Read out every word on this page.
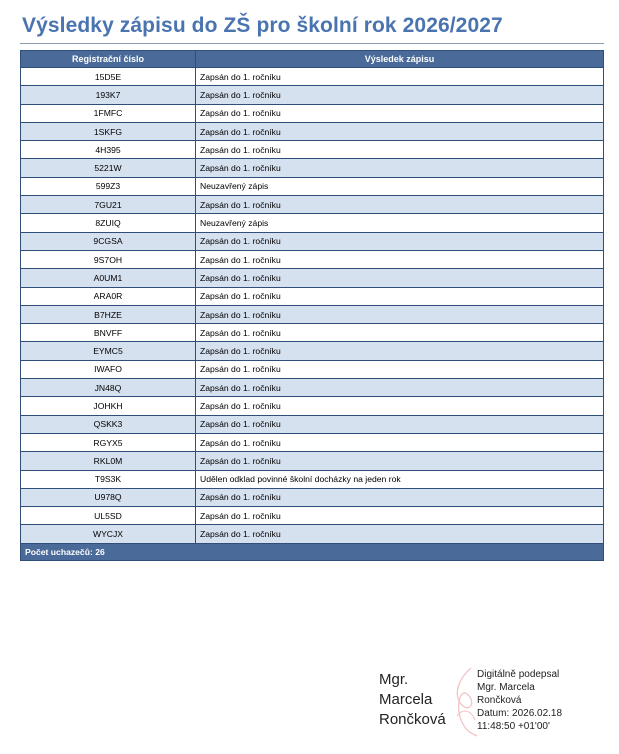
Výsledky zápisu do ZŠ pro školní rok 2026/2027
Registrační číslo	Výsledek zápisu
15D5E	Zapsán do 1. ročníku
193K7	Zapsán do 1. ročníku
1FMFC	Zapsán do 1. ročníku
1SKFG	Zapsán do 1. ročníku
4H395	Zapsán do 1. ročníku
5221W	Zapsán do 1. ročníku
599Z3	Neuzavřený zápis
7GU21	Zapsán do 1. ročníku
8ZUIQ	Neuzavřený zápis
9CGSA	Zapsán do 1. ročníku
9S7OH	Zapsán do 1. ročníku
A0UM1	Zapsán do 1. ročníku
ARA0R	Zapsán do 1. ročníku
B7HZE	Zapsán do 1. ročníku
BNVFF	Zapsán do 1. ročníku
EYMC5	Zapsán do 1. ročníku
IWAFO	Zapsán do 1. ročníku
JN48Q	Zapsán do 1. ročníku
JOHKH	Zapsán do 1. ročníku
QSKK3	Zapsán do 1. ročníku
RGYX5	Zapsán do 1. ročníku
RKL0M	Zapsán do 1. ročníku
T9S3K	Udělen odklad povinné školní docházky na jeden rok
U978Q	Zapsán do 1. ročníku
UL5SD	Zapsán do 1. ročníku
WYCJX	Zapsán do 1. ročníku
Počet uchazečů: 26	
Mgr.
Marcela
Rončková
Digitálně podepsal
Mgr. Marcela
Rončková
Datum: 2026.02.18
11:48:50 +01'00'
